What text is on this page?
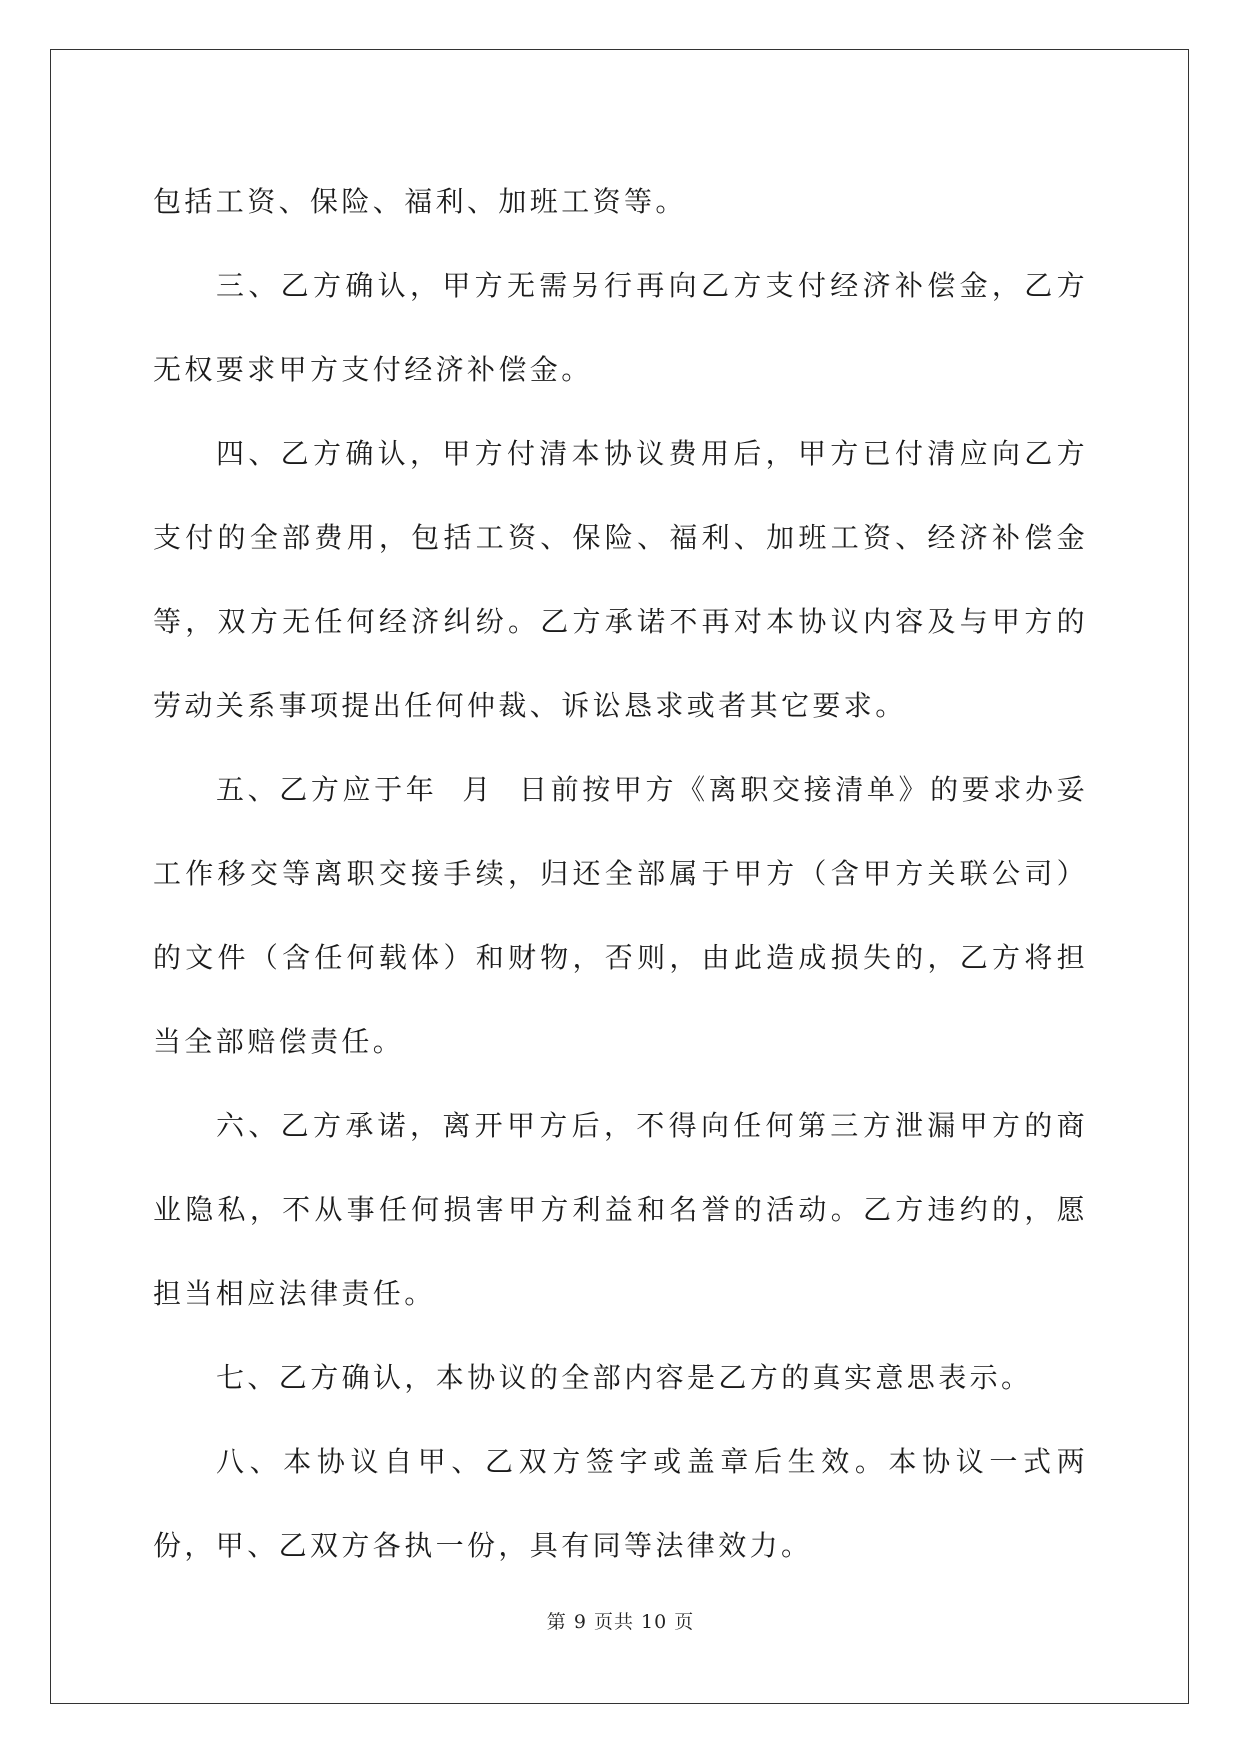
包括工资、保险、福利、加班工资等。

三、乙方确认，甲方无需另行再向乙方支付经济补偿金，乙方无权要求甲方支付经济补偿金。

四、乙方确认，甲方付清本协议费用后，甲方已付清应向乙方支付的全部费用，包括工资、保险、福利、加班工资、经济补偿金等，双方无任何经济纠纷。乙方承诺不再对本协议内容及与甲方的劳动关系事项提出任何仲裁、诉讼恳求或者其它要求。

五、乙方应于年  月  日前按甲方《离职交接清单》的要求办妥工作移交等离职交接手续，归还全部属于甲方（含甲方关联公司）的文件（含任何载体）和财物，否则，由此造成损失的，乙方将担当全部赔偿责任。

六、乙方承诺，离开甲方后，不得向任何第三方泄漏甲方的商业隐私，不从事任何损害甲方利益和名誉的活动。乙方违约的，愿担当相应法律责任。

七、乙方确认，本协议的全部内容是乙方的真实意思表示。

八、本协议自甲、乙双方签字或盖章后生效。本协议一式两份，甲、乙双方各执一份，具有同等法律效力。

第 9 页共 10 页
